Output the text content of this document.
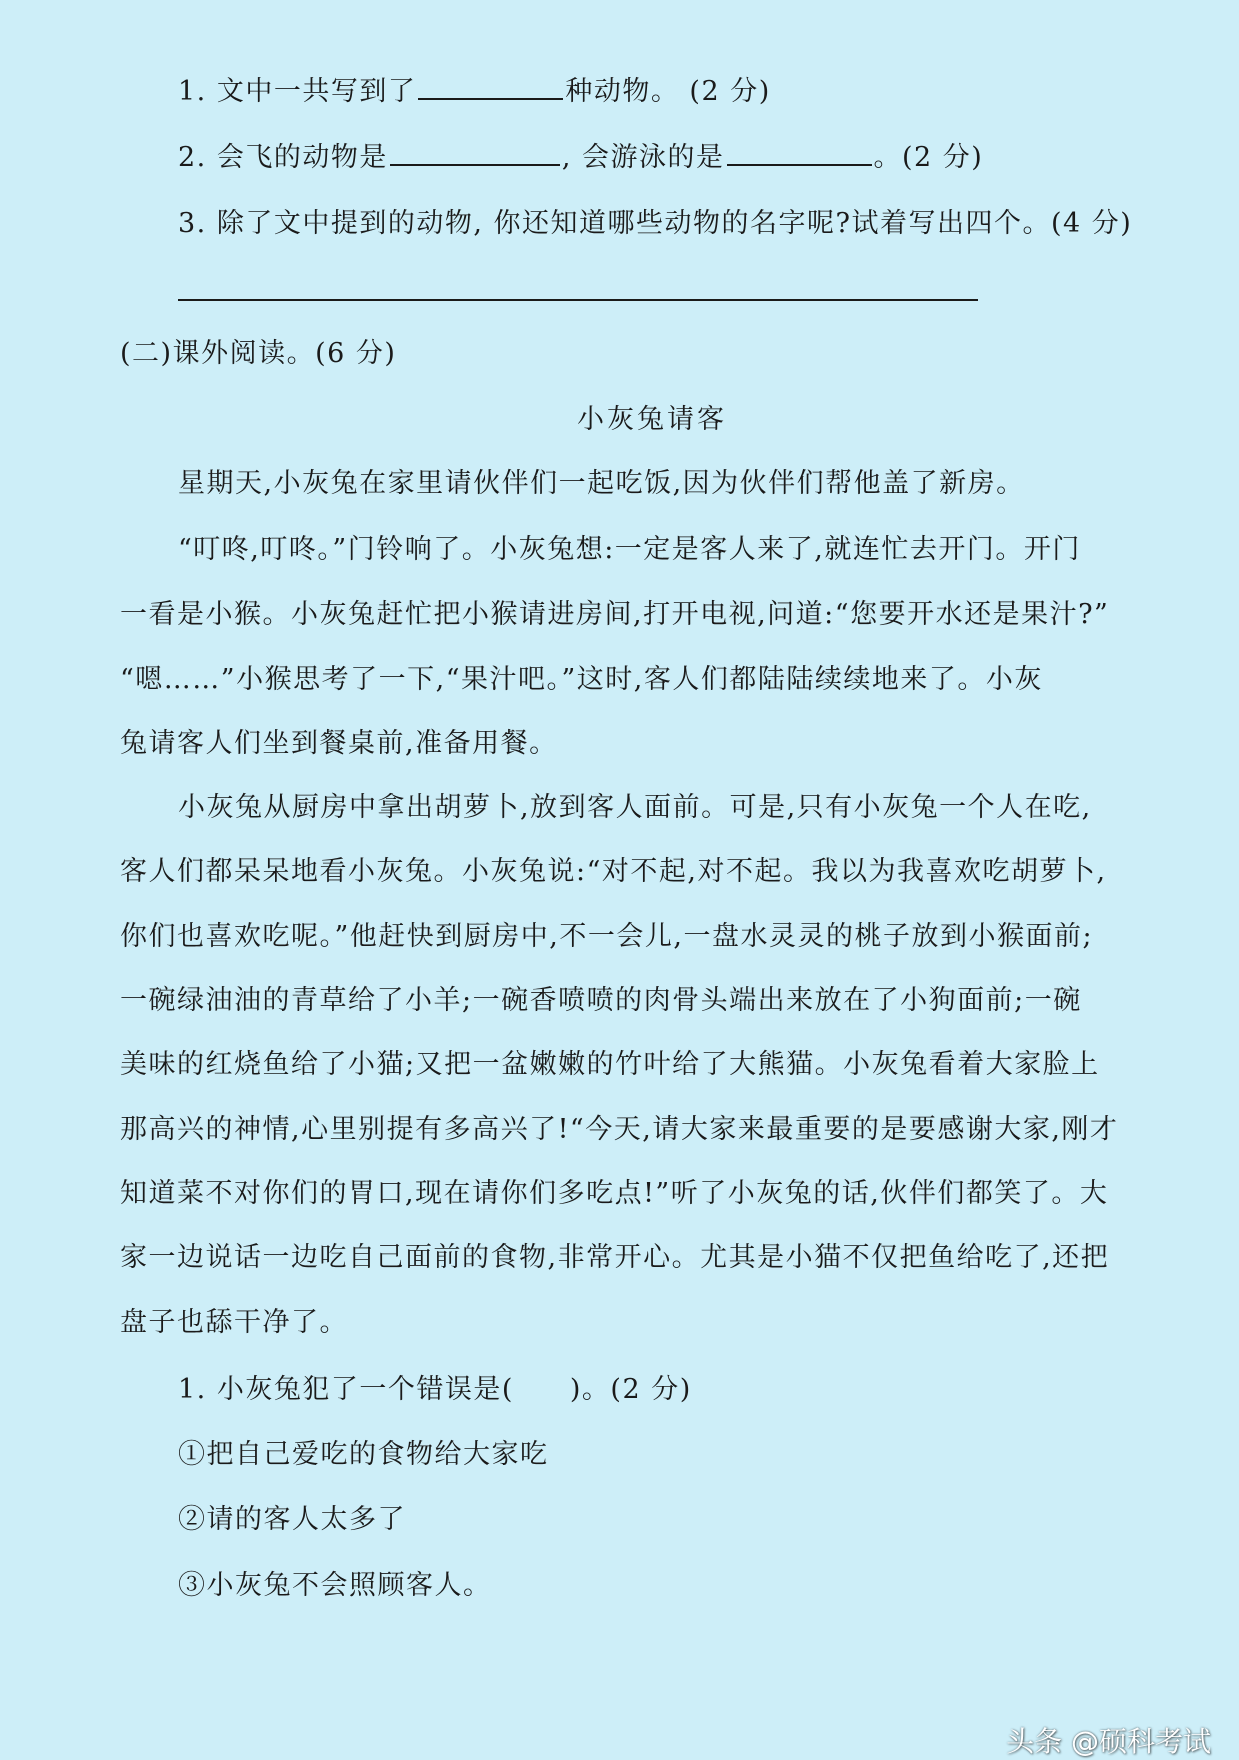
1. 文中一共写到了	种动物。 (2 分)
2. 会飞的动物是	, 会游泳的是	。(2 分)
3. 除了文中提到的动物, 你还知道哪些动物的名字呢?试着写出四个。(4 分)
(二)课外阅读。(6 分)
小灰兔请客
星期天,小灰兔在家里请伙伴们一起吃饭,因为伙伴们帮他盖了新房。
“叮咚,叮咚。”门铃响了。小灰兔想:一定是客人来了,就连忙去开门。开门
一看是小猴。小灰兔赶忙把小猴请进房间,打开电视,问道:“您要开水还是果汁?”
“嗯……”小猴思考了一下,“果汁吧。”这时,客人们都陆陆续续地来了。小灰
兔请客人们坐到餐桌前,准备用餐。
小灰兔从厨房中拿出胡萝卜,放到客人面前。可是,只有小灰兔一个人在吃,
客人们都呆呆地看小灰兔。小灰兔说:“对不起,对不起。我以为我喜欢吃胡萝卜,
你们也喜欢吃呢。”他赶快到厨房中,不一会儿,一盘水灵灵的桃子放到小猴面前;
一碗绿油油的青草给了小羊;一碗香喷喷的肉骨头端出来放在了小狗面前;一碗
美味的红烧鱼给了小猫;又把一盆嫩嫩的竹叶给了大熊猫。小灰兔看着大家脸上
那高兴的神情,心里别提有多高兴了!“今天,请大家来最重要的是要感谢大家,刚才
知道菜不对你们的胃口,现在请你们多吃点!”听了小灰兔的话,伙伴们都笑了。大
家一边说话一边吃自己面前的食物,非常开心。尤其是小猫不仅把鱼给吃了,还把
盘子也舔干净了。
1. 小灰兔犯了一个错误是( )。(2 分)
①把自己爱吃的食物给大家吃
②请的客人太多了
③小灰兔不会照顾客人。
头条 @硕科考试
